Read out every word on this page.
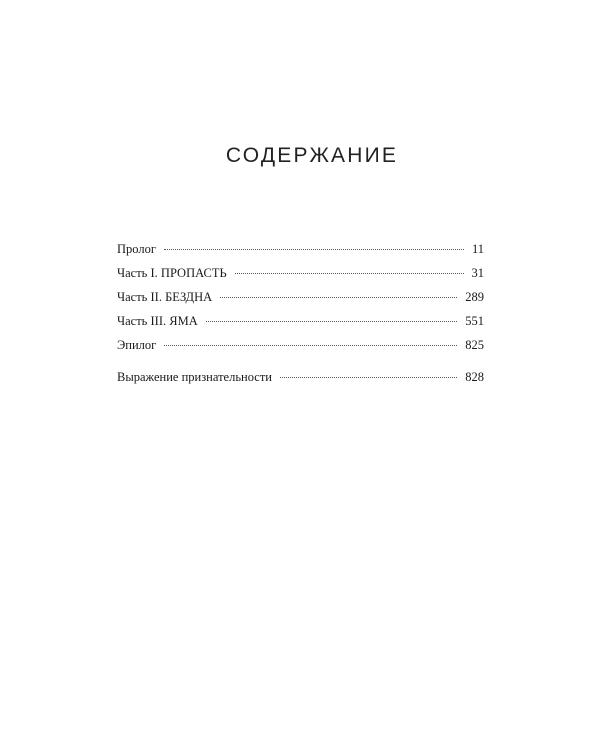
СОДЕРЖАНИЕ
Пролог	11
Часть I. ПРОПАСТЬ	31
Часть II. БЕЗДНА	289
Часть III. ЯМА	551
Эпилог	825
Выражение признательности	828
